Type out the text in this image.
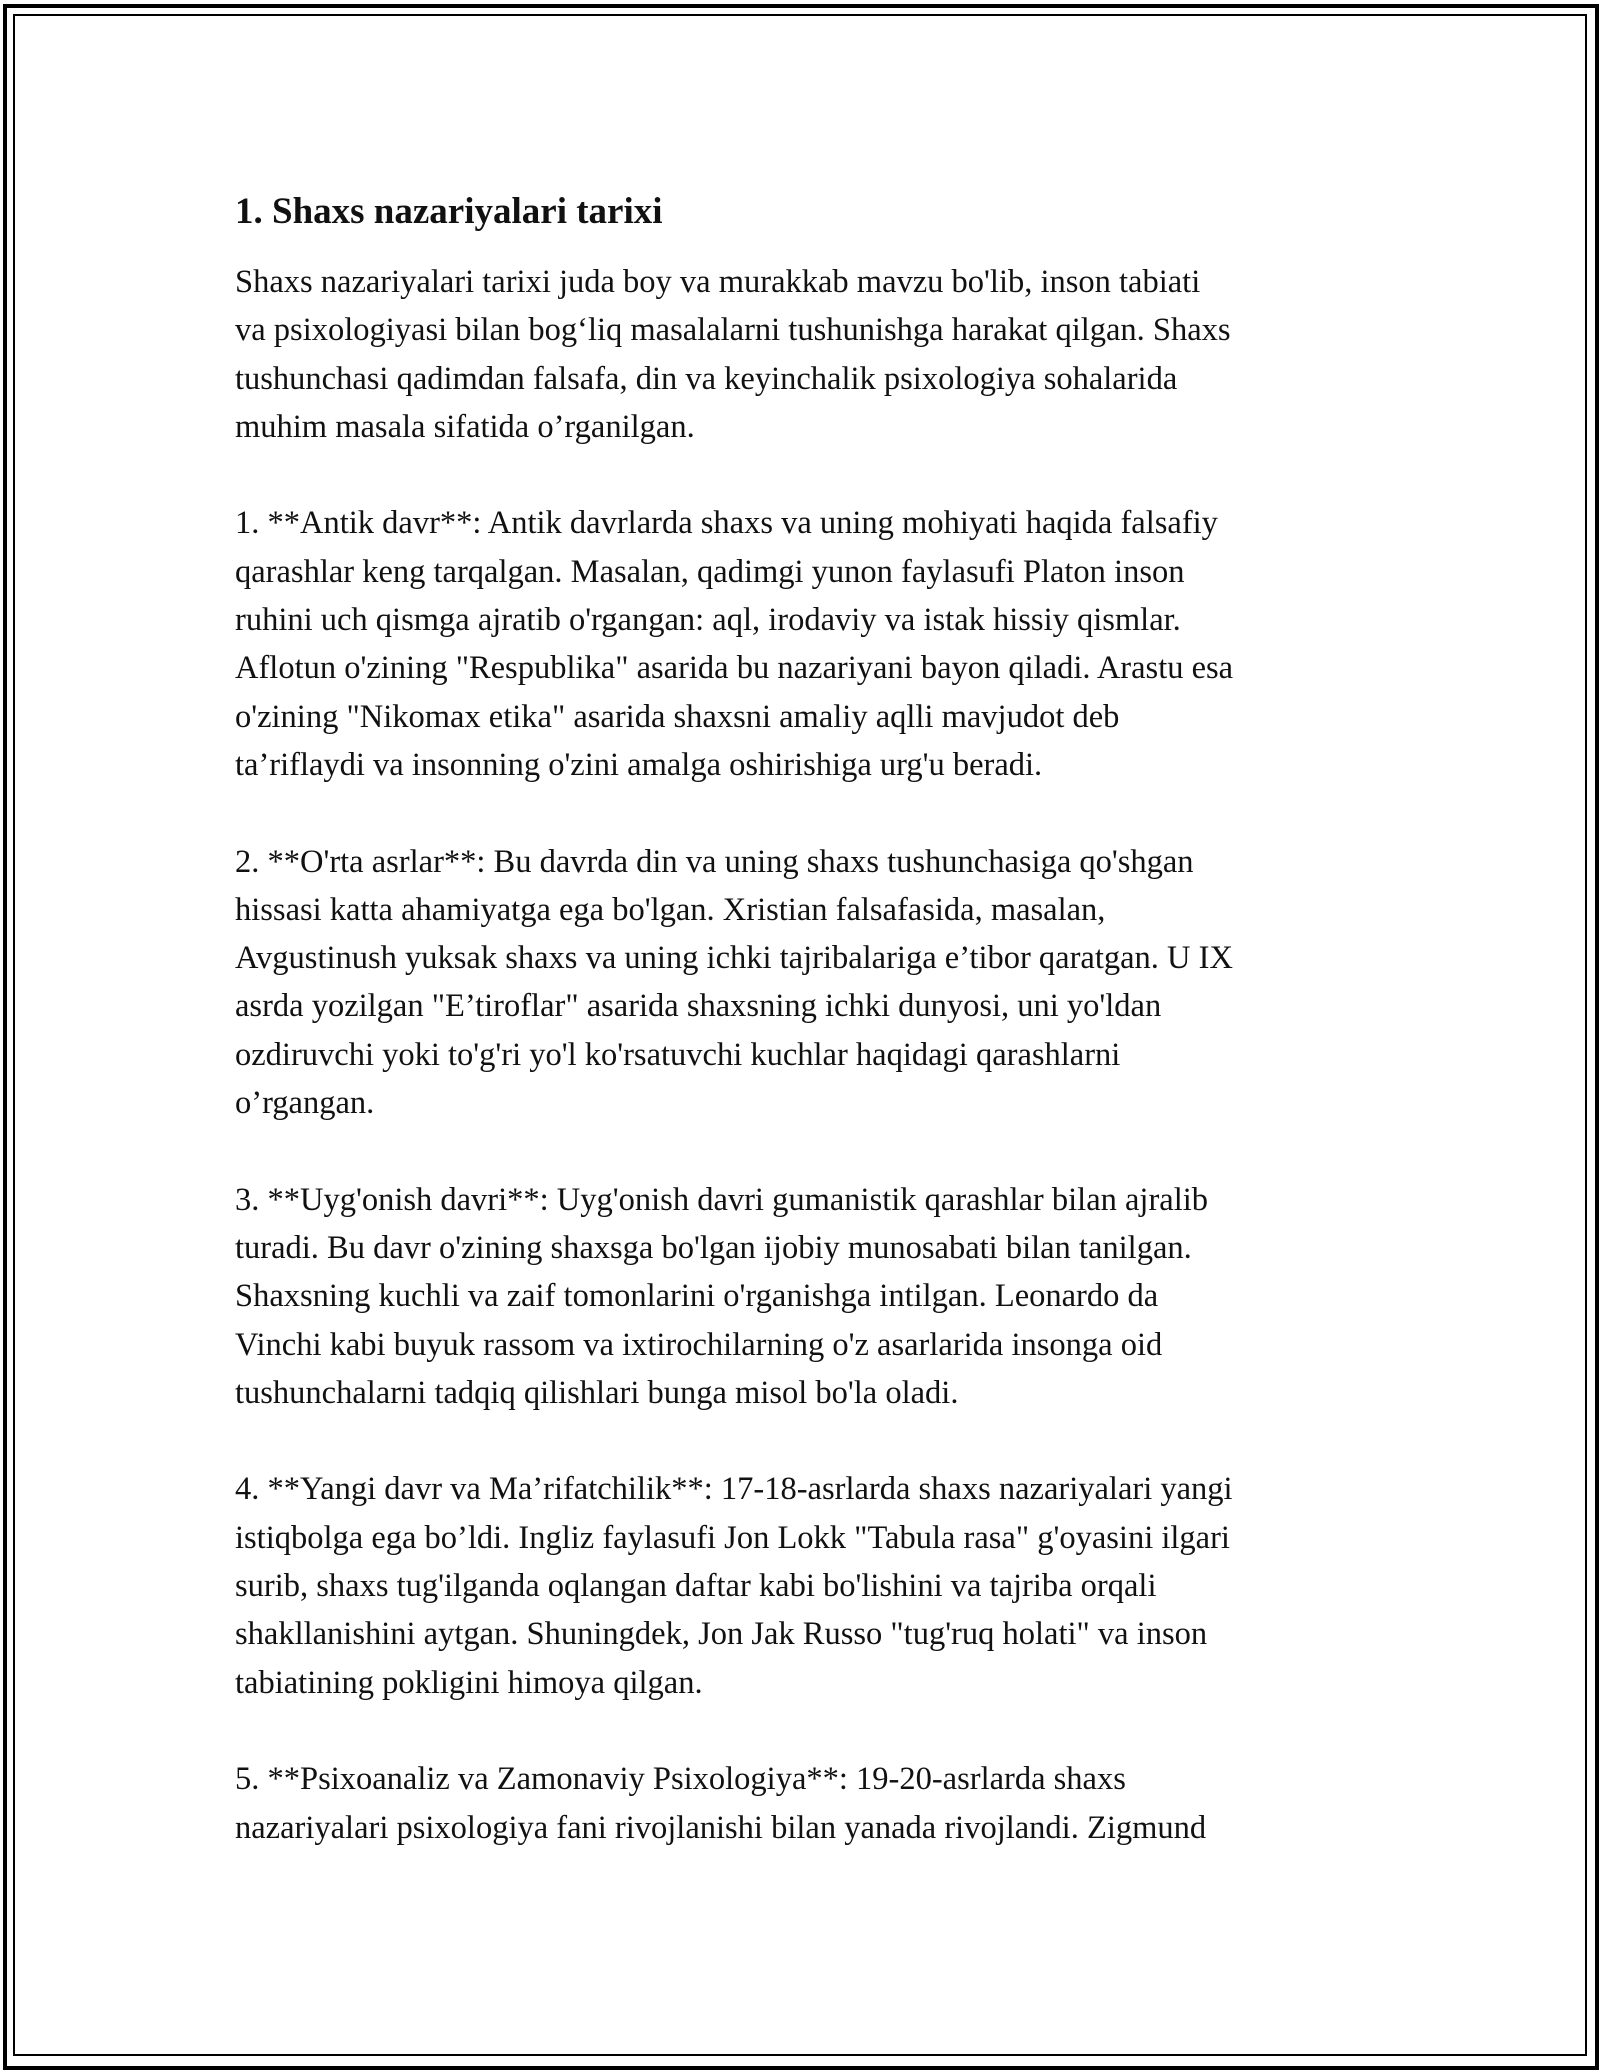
1. Shaxs nazariyalari tarixi

Shaxs nazariyalari tarixi juda boy va murakkab mavzu bo'lib, inson tabiati
va psixologiyasi bilan bog‘liq masalalarni tushunishga harakat qilgan. Shaxs
tushunchasi qadimdan falsafa, din va keyinchalik psixologiya sohalarida
muhim masala sifatida o’rganilgan.

1. **Antik davr**: Antik davrlarda shaxs va uning mohiyati haqida falsafiy
qarashlar keng tarqalgan. Masalan, qadimgi yunon faylasufi Platon inson
ruhini uch qismga ajratib o'rgangan: aql, irodaviy va istak hissiy qismlar.
Aflotun o'zining "Respublika" asarida bu nazariyani bayon qiladi. Arastu esa
o'zining "Nikomax etika" asarida shaxsni amaliy aqlli mavjudot deb
ta’riflaydi va insonning o'zini amalga oshirishiga urg'u beradi.

2. **O'rta asrlar**: Bu davrda din va uning shaxs tushunchasiga qo'shgan
hissasi katta ahamiyatga ega bo'lgan. Xristian falsafasida, masalan,
Avgustinush yuksak shaxs va uning ichki tajribalariga e’tibor qaratgan. U IX
asrda yozilgan "E’tiroflar" asarida shaxsning ichki dunyosi, uni yo'ldan
ozdiruvchi yoki to'g'ri yo'l ko'rsatuvchi kuchlar haqidagi qarashlarni
o’rgangan.

3. **Uyg'onish davri**: Uyg'onish davri gumanistik qarashlar bilan ajralib
turadi. Bu davr o'zining shaxsga bo'lgan ijobiy munosabati bilan tanilgan.
Shaxsning kuchli va zaif tomonlarini o'rganishga intilgan. Leonardo da
Vinchi kabi buyuk rassom va ixtirochilarning o'z asarlarida insonga oid
tushunchalarni tadqiq qilishlari bunga misol bo'la oladi.

4. **Yangi davr va Ma’rifatchilik**: 17-18-asrlarda shaxs nazariyalari yangi
istiqbolga ega bo’ldi. Ingliz faylasufi Jon Lokk "Tabula rasa" g'oyasini ilgari
surib, shaxs tug'ilganda oqlangan daftar kabi bo'lishini va tajriba orqali
shakllanishini aytgan. Shuningdek, Jon Jak Russo "tug'ruq holati" va inson
tabiatining pokligini himoya qilgan.

5. **Psixoanaliz va Zamonaviy Psixologiya**: 19-20-asrlarda shaxs
nazariyalari psixologiya fani rivojlanishi bilan yanada rivojlandi. Zigmund
